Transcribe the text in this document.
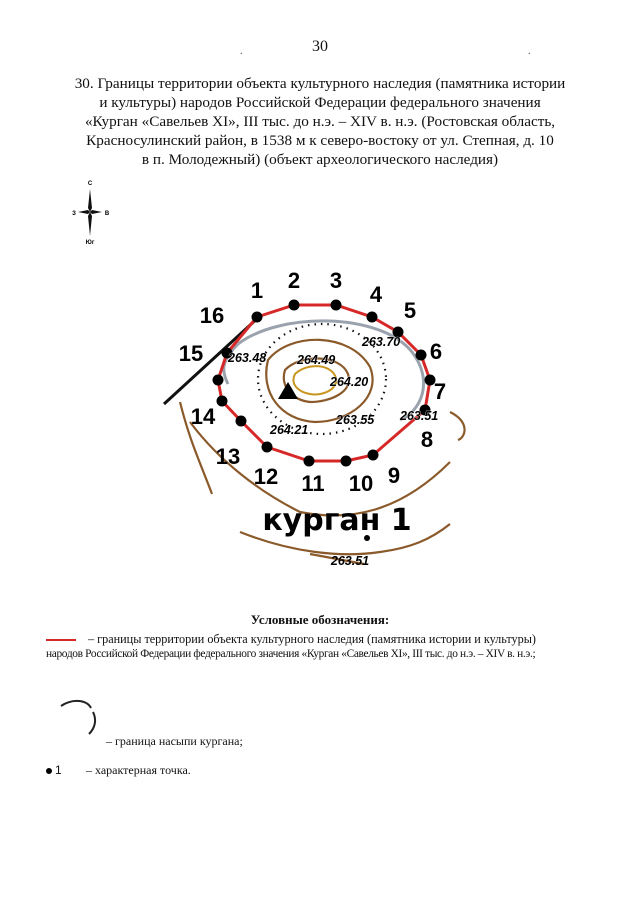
30
.	.
30. Границы территории объекта культурного наследия (памятника истории
и культуры) народов Российской Федерации федерального значения
«Курган «Савельев XI», III тыс. до н.э. – XIV в. н.э. (Ростовская область,
Красносулинский район, в 1538 м к северо-востоку от ул. Степная, д. 10
в п. Молодежный) (объект археологического наследия)
С
З	В
Юг
1 2 3
4
5
6
7
8
9
10
11
12
13
14
15
16
263.48 264.49
264.20
263.70
263.55
264.21
263.51
курган 1
263.51
Условные обозначения:
– границы территории объекта культурного наследия (памятника истории и культуры)
народов Российской Федерации федерального значения «Курган «Савельев XI», III тыс. до н.э. – XIV в. н.э.;
– граница насыпи кургана;
1 – характерная точка.
